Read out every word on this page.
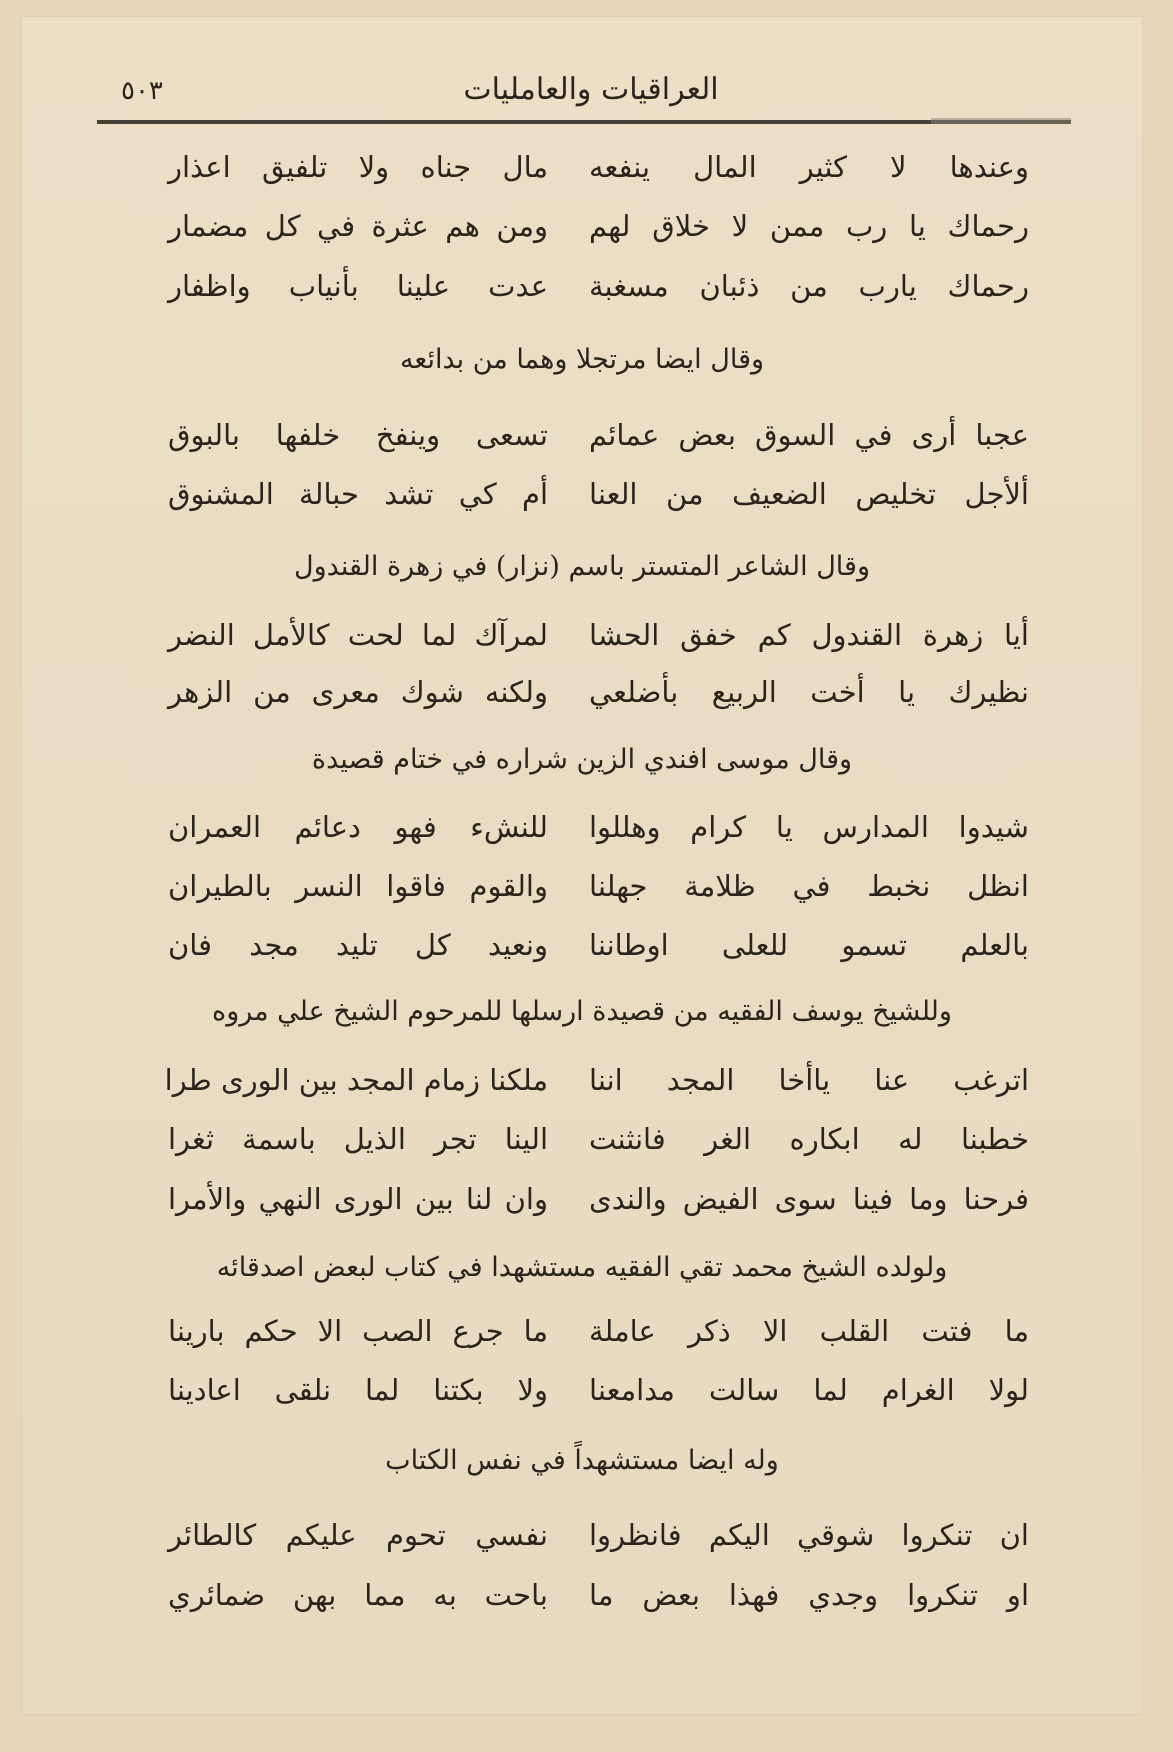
٥٠٣	العراقيات والعامليات
وعندها لا كثير المال ينفعه
مال جناه ولا تلفيق اعذار
رحماك يا رب ممن لا خلاق لهم
ومن هم عثرة في كل مضمار
رحماك يارب من ذئبان مسغبة
عدت علينا بأنياب واظفار
وقال ايضا مرتجلا وهما من بدائعه
عجبا أرى في السوق بعض عمائم
تسعى وينفخ خلفها بالبوق
ألأجل تخليص الضعيف من العنا
أم كي تشد حبالة المشنوق
وقال الشاعر المتستر باسم (نزار) في زهرة القندول
أيا زهرة القندول كم خفق الحشا
لمرآك لما لحت كالأمل النضر
نظيرك يا أخت الربيع بأضلعي
ولكنه شوك معرى من الزهر
وقال موسى افندي الزين شراره في ختام قصيدة
شيدوا المدارس يا كرام وهللوا
للنشء فهو دعائم العمران
انظل نخبط في ظلامة جهلنا
والقوم فاقوا النسر بالطيران
بالعلم تسمو للعلى اوطاننا
ونعيد كل تليد مجد فان
وللشيخ يوسف الفقيه من قصيدة ارسلها للمرحوم الشيخ علي مروه
اترغب عنا ياأخا المجد اننا
ملكنا زمام المجد بين الورى طرا
خطبنا له ابكاره الغر فانثنت
الينا تجر الذيل باسمة ثغرا
فرحنا وما فينا سوى الفيض والندى
وان لنا بين الورى النهي والأمرا
ولولده الشيخ محمد تقي الفقيه مستشهدا في كتاب لبعض اصدقائه
ما فتت القلب الا ذكر عاملة
ما جرع الصب الا حكم بارينا
لولا الغرام لما سالت مدامعنا
ولا بكتنا لما نلقى اعادينا
وله ايضا مستشهداً في نفس الكتاب
ان تنكروا شوقي اليكم فانظروا
نفسي تحوم عليكم كالطائر
او تنكروا وجدي فهذا بعض ما
باحت به مما بهن ضمائري
